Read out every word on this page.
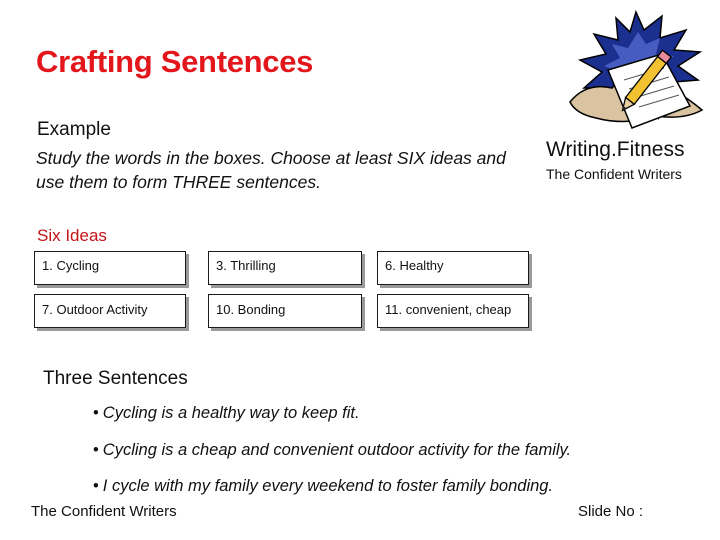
Crafting Sentences
Example
Study the words in the boxes. Choose at least SIX ideas and use them to form THREE sentences.
Writing.Fitness
The Confident Writers
Six Ideas
1. Cycling	3. Thrilling	6. Healthy
7. Outdoor Activity	10. Bonding	11. convenient, cheap
Three Sentences
• Cycling is a healthy way to keep fit.
• Cycling is a cheap and convenient outdoor activity for the family.
• I cycle with my family every weekend to foster family bonding.
The Confident Writers	Slide No :
